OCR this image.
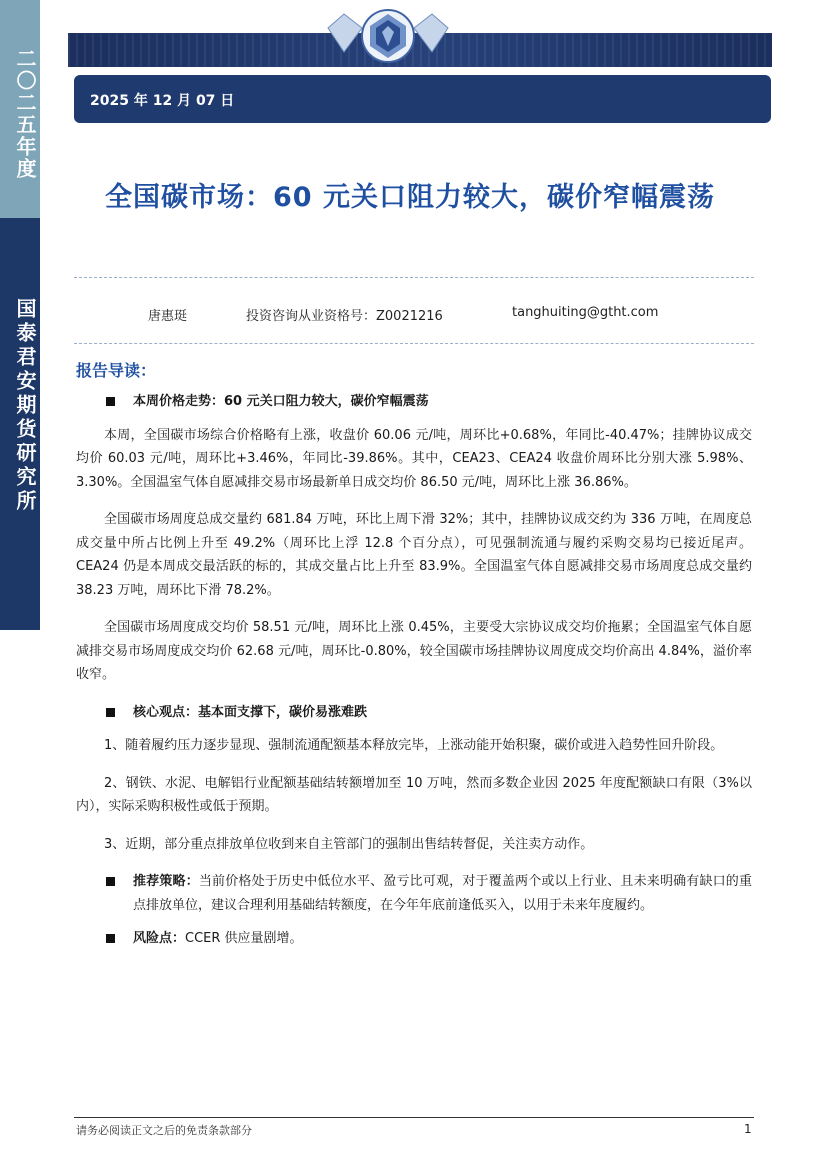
二〇二五年度
国泰君安期货研究所
2025 年 12 月 07 日
全国碳市场：60 元关口阻力较大，碳价窄幅震荡
唐惠珽	投资咨询从业资格号：Z0021216	tanghuiting@gtht.com
报告导读：
本周价格走势：60 元关口阻力较大，碳价窄幅震荡

本周，全国碳市场综合价格略有上涨，收盘价 60.06 元/吨，周环比+0.68%，年同比-40.47%；挂牌协议成交均价 60.03 元/吨，周环比+3.46%，年同比-39.86%。其中，CEA23、CEA24 收盘价周环比分别大涨 5.98%、3.30%。全国温室气体自愿减排交易市场最新单日成交均价 86.50 元/吨，周环比上涨 36.86%。

全国碳市场周度总成交量约 681.84 万吨，环比上周下滑 32%；其中，挂牌协议成交约为 336 万吨，在周度总成交量中所占比例上升至 49.2%（周环比上浮 12.8 个百分点），可见强制流通与履约采购交易均已接近尾声。CEA24 仍是本周成交最活跃的标的，其成交量占比上升至 83.9%。全国温室气体自愿减排交易市场周度总成交量约 38.23 万吨，周环比下滑 78.2%。

全国碳市场周度成交均价 58.51 元/吨，周环比上涨 0.45%，主要受大宗协议成交均价拖累；全国温室气体自愿减排交易市场周度成交均价 62.68 元/吨，周环比-0.80%，较全国碳市场挂牌协议周度成交均价高出 4.84%，溢价率收窄。

核心观点：基本面支撑下，碳价易涨难跌

1、随着履约压力逐步显现、强制流通配额基本释放完毕，上涨动能开始积聚，碳价或进入趋势性回升阶段。

2、钢铁、水泥、电解铝行业配额基础结转额增加至 10 万吨，然而多数企业因 2025 年度配额缺口有限（3%以内），实际采购积极性或低于预期。

3、近期，部分重点排放单位收到来自主管部门的强制出售结转督促，关注卖方动作。

推荐策略：当前价格处于历史中低位水平、盈亏比可观，对于覆盖两个或以上行业、且未来明确有缺口的重点排放单位，建议合理利用基础结转额度，在今年年底前逢低买入，以用于未来年度履约。
风险点：CCER 供应量剧增。
请务必阅读正文之后的免责条款部分	1
